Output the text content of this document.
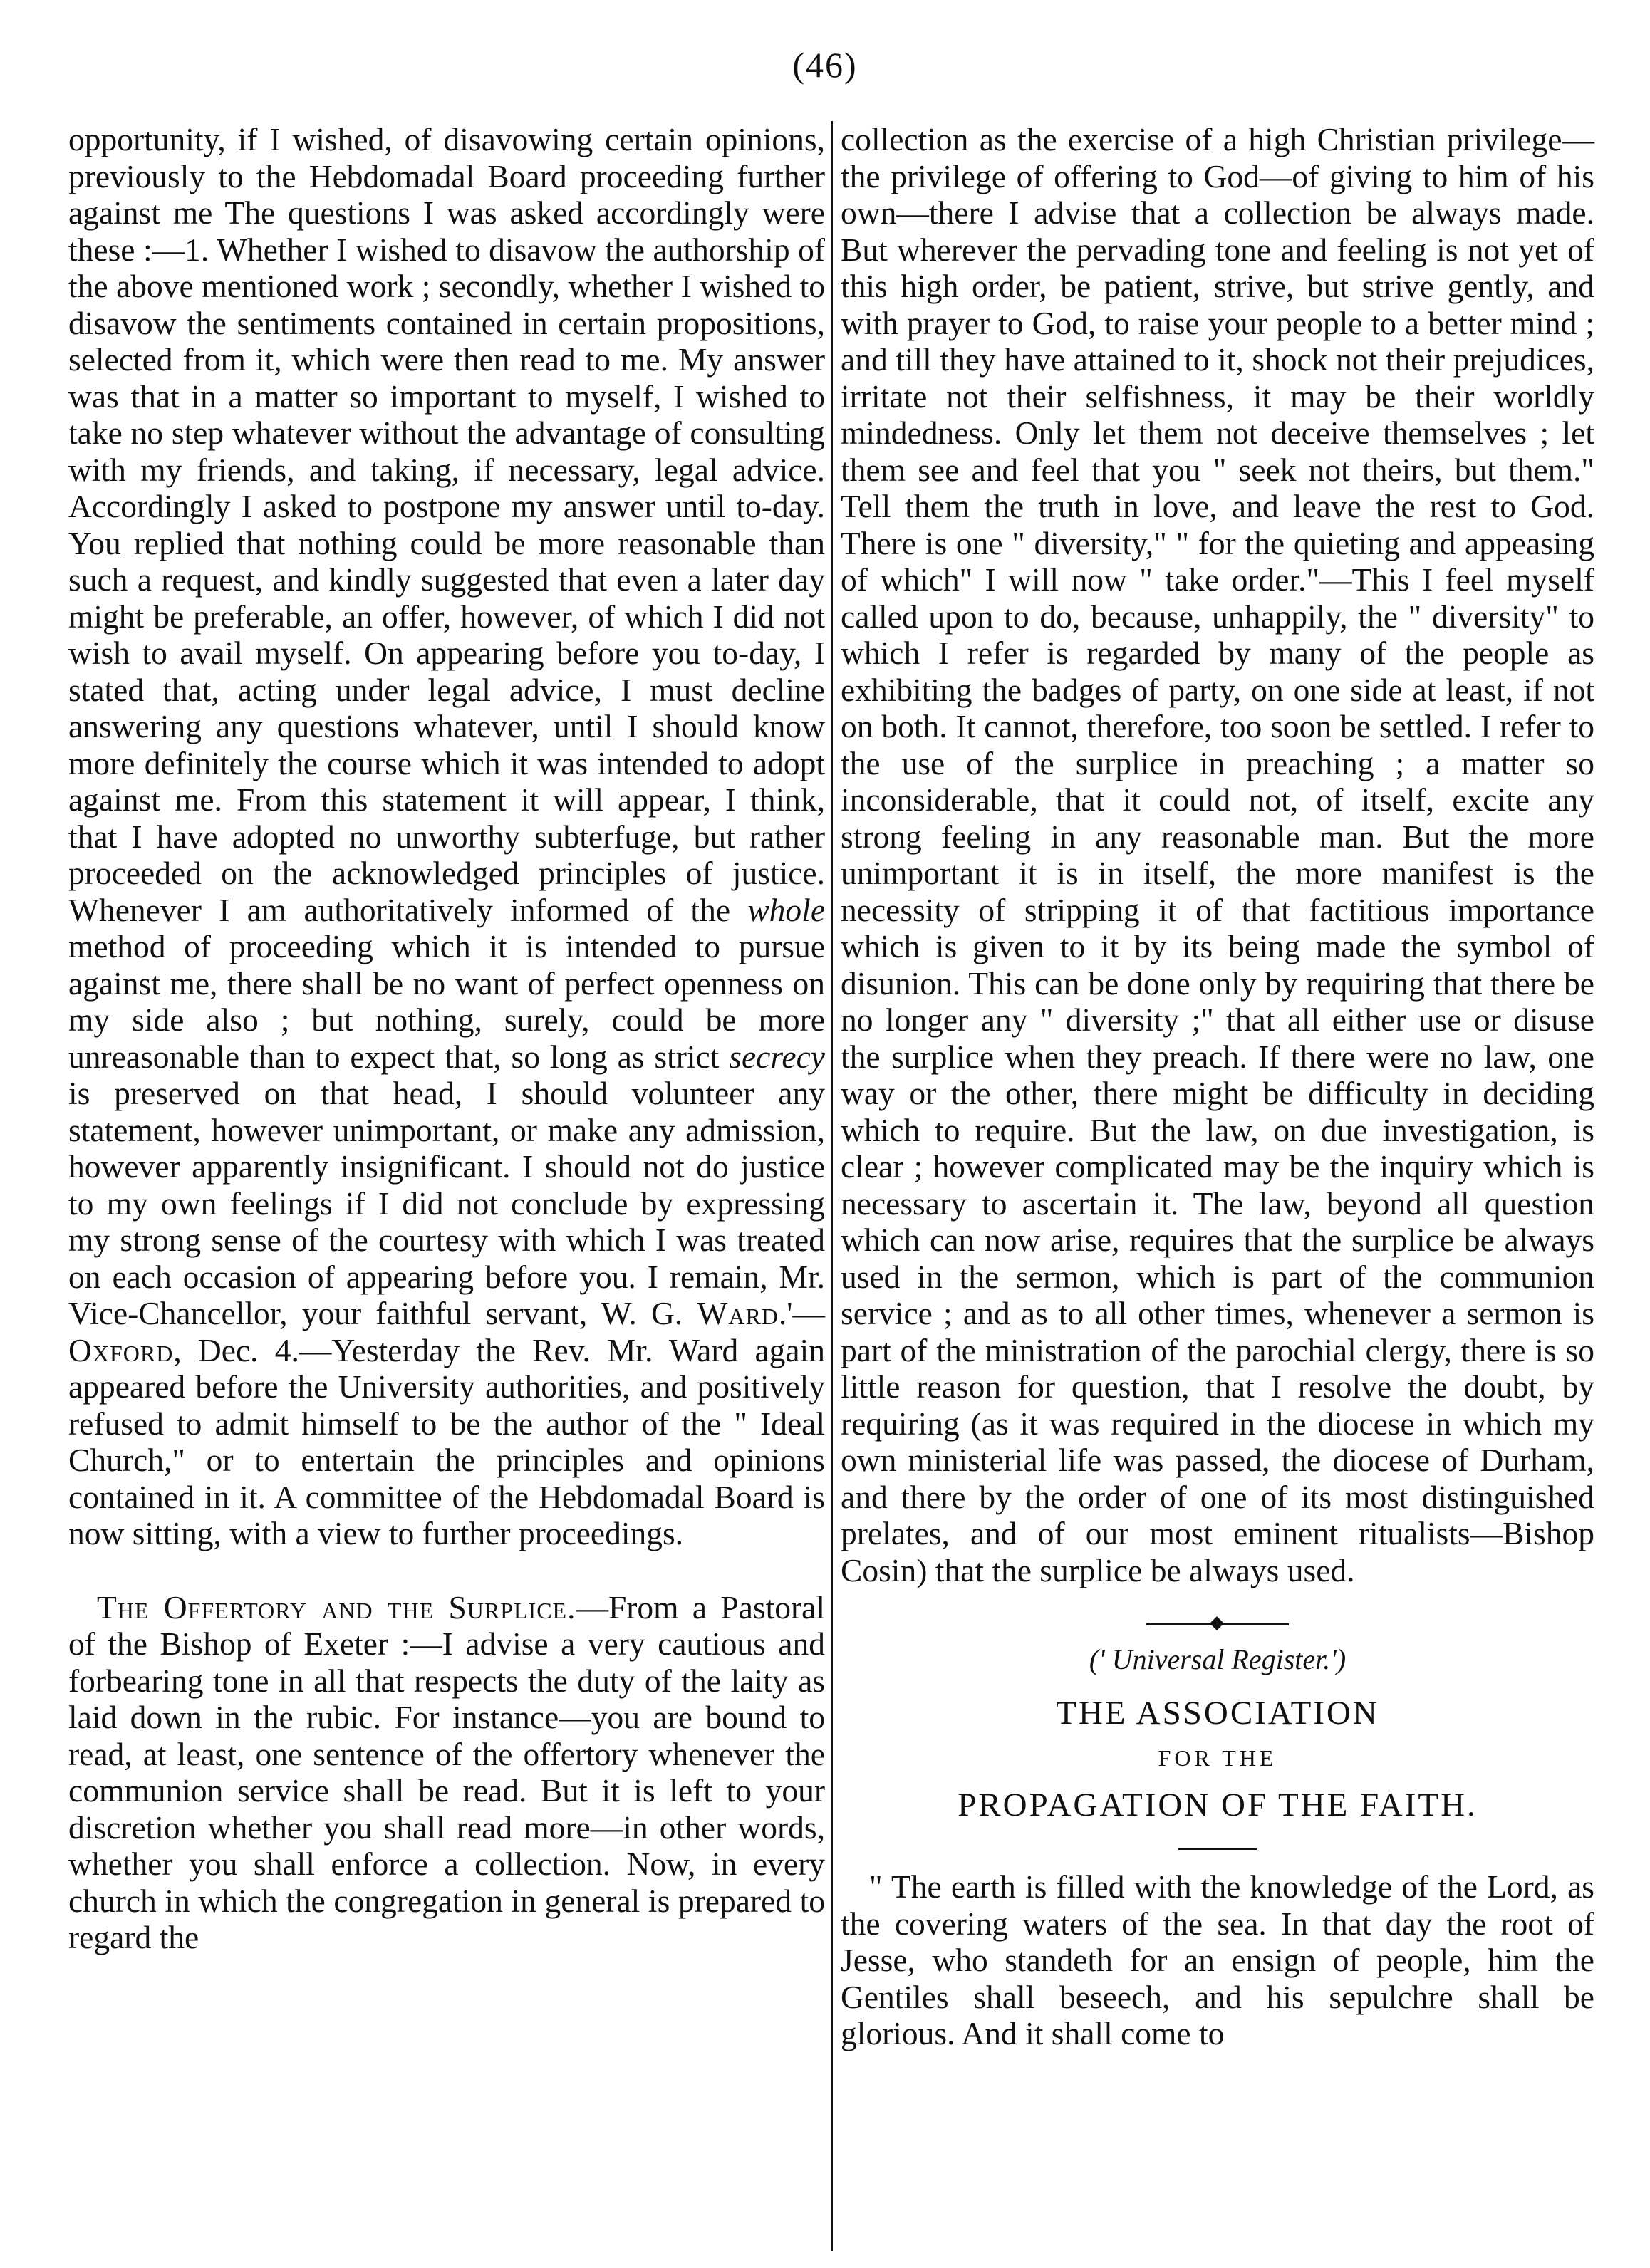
(46)

opportunity, if I wished, of disavowing certain opinions, previously to the Hebdomadal Board proceeding further against me The questions I was asked accordingly were these :—1. Whether I wished to disavow the authorship of the above mentioned work ; secondly, whether I wished to disavow the sentiments contained in certain propositions, selected from it, which were then read to me. My answer was that in a matter so important to myself, I wished to take no step whatever without the advantage of consulting with my friends, and taking, if necessary, legal advice. Accordingly I asked to postpone my answer until to-day. You replied that nothing could be more reasonable than such a request, and kindly suggested that even a later day might be preferable, an offer, however, of which I did not wish to avail myself. On appearing before you to-day, I stated that, acting under legal advice, I must decline answering any questions whatever, until I should know more definitely the course which it was intended to adopt against me. From this statement it will appear, I think, that I have adopted no unworthy subterfuge, but rather proceeded on the acknowledged principles of justice. Whenever I am authoritatively informed of the whole method of proceeding which it is intended to pursue against me, there shall be no want of perfect openness on my side also ; but nothing, surely, could be more unreasonable than to expect that, so long as strict secrecy is preserved on that head, I should volunteer any statement, however unimportant, or make any admission, however apparently insignificant. I should not do justice to my own feelings if I did not conclude by expressing my strong sense of the courtesy with which I was treated on each occasion of appearing before you. I remain, Mr. Vice-Chancellor, your faithful servant, W. G. Ward.'—Oxford, Dec. 4.—Yesterday the Rev. Mr. Ward again appeared before the University authorities, and positively refused to admit himself to be the author of the " Ideal Church," or to entertain the principles and opinions contained in it. A committee of the Hebdomadal Board is now sitting, with a view to further proceedings.

The Offertory and the Surplice.—From a Pastoral of the Bishop of Exeter :—I advise a very cautious and forbearing tone in all that respects the duty of the laity as laid down in the rubic. For instance—you are bound to read, at least, one sentence of the offertory whenever the communion service shall be read. But it is left to your discretion whether you shall read more—in other words, whether you shall enforce a collection. Now, in every church in which the congregation in general is prepared to regard the

collection as the exercise of a high Christian privilege—the privilege of offering to God—of giving to him of his own—there I advise that a collection be always made. But wherever the pervading tone and feeling is not yet of this high order, be patient, strive, but strive gently, and with prayer to God, to raise your people to a better mind ; and till they have attained to it, shock not their prejudices, irritate not their selfishness, it may be their worldly mindedness. Only let them not deceive themselves ; let them see and feel that you " seek not theirs, but them." Tell them the truth in love, and leave the rest to God. There is one " diversity," " for the quieting and appeasing of which" I will now " take order."—This I feel myself called upon to do, because, unhappily, the " diversity" to which I refer is regarded by many of the people as exhibiting the badges of party, on one side at least, if not on both. It cannot, therefore, too soon be settled. I refer to the use of the surplice in preaching ; a matter so inconsiderable, that it could not, of itself, excite any strong feeling in any reasonable man. But the more unimportant it is in itself, the more manifest is the necessity of stripping it of that factitious importance which is given to it by its being made the symbol of disunion. This can be done only by requiring that there be no longer any " diversity ;" that all either use or disuse the surplice when they preach. If there were no law, one way or the other, there might be difficulty in deciding which to require. But the law, on due investigation, is clear ; however complicated may be the inquiry which is necessary to ascertain it. The law, beyond all question which can now arise, requires that the surplice be always used in the sermon, which is part of the communion service ; and as to all other times, whenever a sermon is part of the ministration of the parochial clergy, there is so little reason for question, that I resolve the doubt, by requiring (as it was required in the diocese in which my own ministerial life was passed, the diocese of Durham, and there by the order of one of its most distinguished prelates, and of our most eminent ritualists—Bishop Cosin) that the surplice be always used.

(' Universal Register.')
THE ASSOCIATION
FOR THE
PROPAGATION OF THE FAITH.

" The earth is filled with the knowledge of the Lord, as the covering waters of the sea. In that day the root of Jesse, who standeth for an ensign of people, him the Gentiles shall beseech, and his sepulchre shall be glorious. And it shall come to
